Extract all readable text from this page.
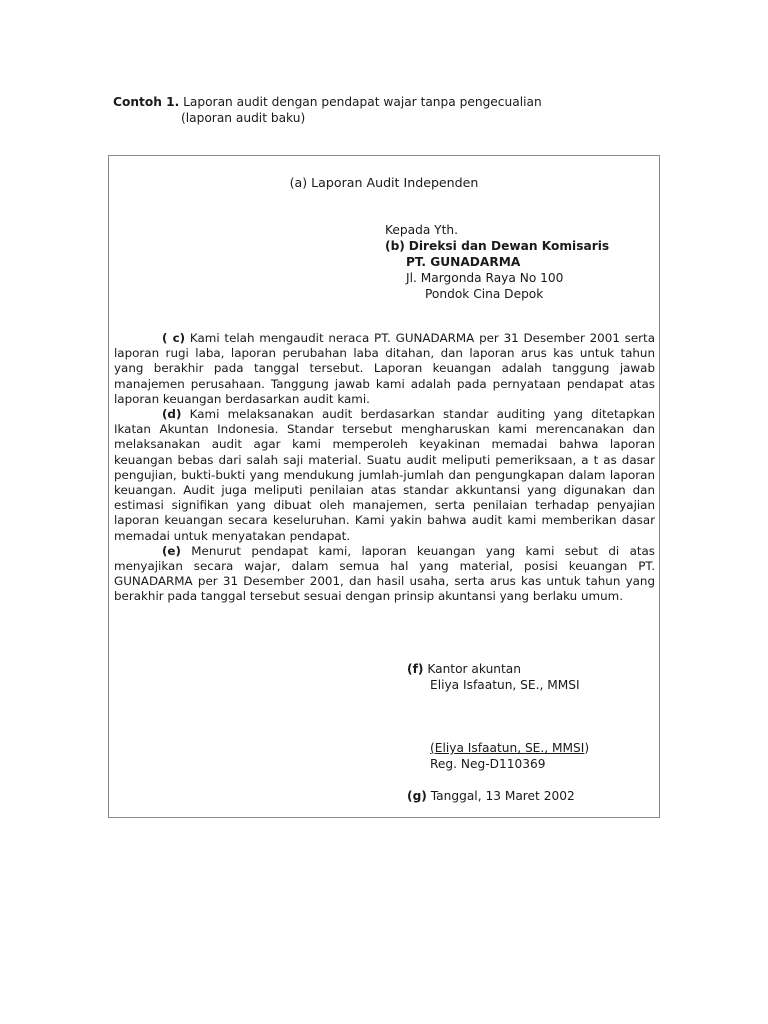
Contoh 1. Laporan audit dengan pendapat wajar tanpa pengecualian
(laporan audit baku)
(a) Laporan Audit Independen
Kepada Yth.
(b) Direksi dan Dewan Komisaris
PT. GUNADARMA
Jl. Margonda Raya No 100
Pondok Cina Depok

( c) Kami telah mengaudit neraca PT. GUNADARMA per 31 Desember 2001 serta laporan rugi laba, laporan perubahan laba ditahan, dan laporan arus kas untuk tahun yang berakhir pada tanggal tersebut. Laporan keuangan adalah tanggung jawab manajemen perusahaan. Tanggung jawab kami adalah pada pernyataan pendapat atas laporan keuangan berdasarkan audit kami.

(d) Kami melaksanakan audit berdasarkan standar auditing yang ditetapkan Ikatan Akuntan Indonesia. Standar tersebut mengharuskan kami merencanakan dan melaksanakan audit agar kami memperoleh keyakinan memadai bahwa laporan keuangan bebas dari salah saji material. Suatu audit meliputi pemeriksaan, a t as dasar pengujian, bukti-bukti yang mendukung jumlah-jumlah dan pengungkapan dalam laporan keuangan. Audit juga meliputi penilaian atas standar akkuntansi yang digunakan dan estimasi signifikan yang dibuat oleh manajemen, serta penilaian terhadap penyajian laporan keuangan secara keseluruhan. Kami yakin bahwa audit kami memberikan dasar memadai untuk menyatakan pendapat.

(e) Menurut pendapat kami, laporan keuangan yang kami sebut di atas menyajikan secara wajar, dalam semua hal yang material, posisi keuangan PT. GUNADARMA per 31 Desember 2001, dan hasil usaha, serta arus kas untuk tahun yang berakhir pada tanggal tersebut sesuai dengan prinsip akuntansi yang berlaku umum.

(f) Kantor akuntan
Eliya Isfaatun, SE., MMSI
(Eliya Isfaatun, SE., MMSI)
Reg. Neg-D110369
(g) Tanggal, 13 Maret 2002
